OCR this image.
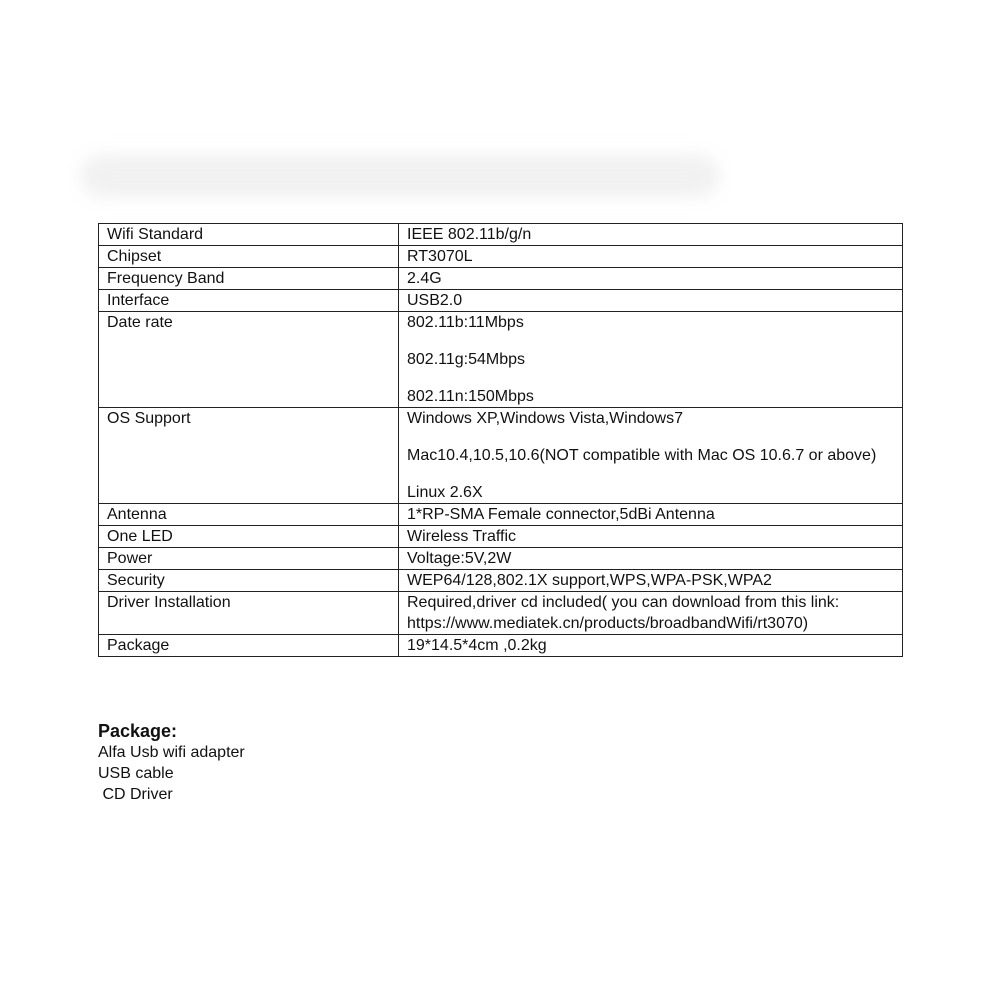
Wifi Standard	IEEE 802.11b/g/n

Chipset	RT3070L

Frequency Band	2.4G

Interface	USB2.0

Date rate	802.11b:11Mbps
802.11g:54Mbps
802.11n:150Mbps

OS Support	Windows XP,Windows Vista,Windows7
Mac10.4,10.5,10.6(NOT compatible with Mac OS 10.6.7 or above)
Linux 2.6X

Antenna	1*RP-SMA Female connector,5dBi Antenna

One LED	Wireless Traffic

Power	Voltage:5V,2W

Security	WEP64/128,802.1X support,WPS,WPA-PSK,WPA2

Driver Installation	Required,driver cd included( you can download from this link: https://www.mediatek.cn/products/broadbandWifi/rt3070)

Package	19*14.5*4cm ,0.2kg

Package:

Alfa Usb wifi adapter
USB cable
CD Driver
